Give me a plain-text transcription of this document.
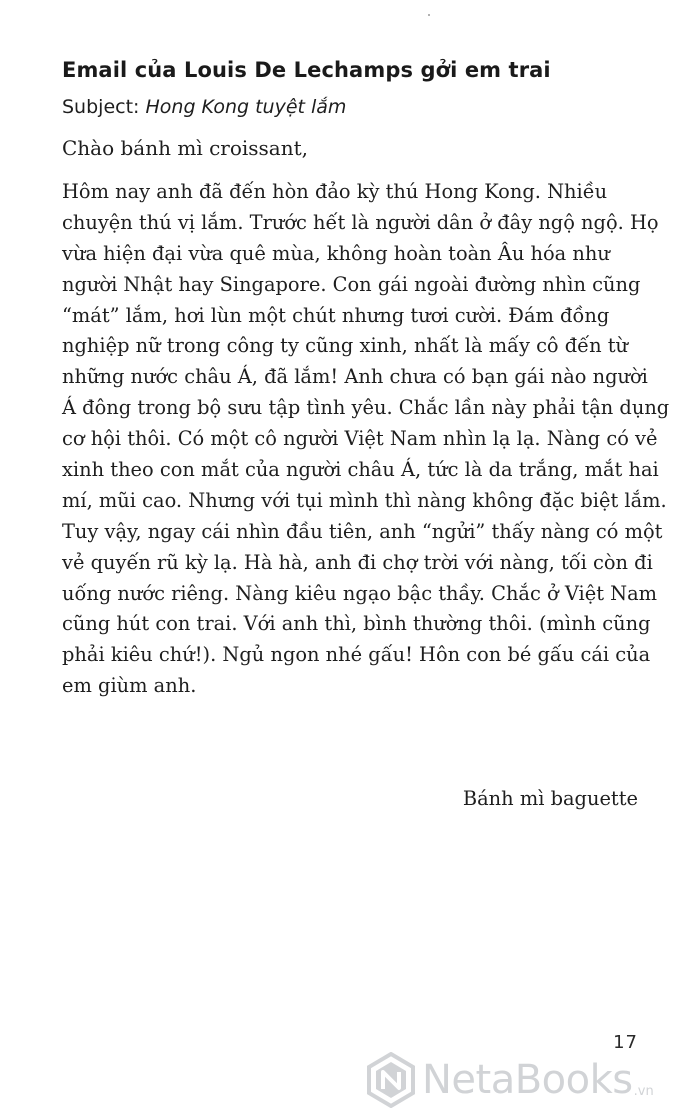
Email của Louis De Lechamps gởi em trai
Subject: Hong Kong tuyệt lắm
Chào bánh mì croissant,
Hôm nay anh đã đến hòn đảo kỳ thú Hong Kong. Nhiều
chuyện thú vị lắm. Trước hết là người dân ở đây ngộ ngộ. Họ
vừa hiện đại vừa quê mùa, không hoàn toàn Âu hóa như
người Nhật hay Singapore. Con gái ngoài đường nhìn cũng
“mát” lắm, hơi lùn một chút nhưng tươi cười. Đám đồng
nghiệp nữ trong công ty cũng xinh, nhất là mấy cô đến từ
những nước châu Á, đã lắm! Anh chưa có bạn gái nào người
Á đông trong bộ sưu tập tình yêu. Chắc lần này phải tận dụng
cơ hội thôi. Có một cô người Việt Nam nhìn lạ lạ. Nàng có vẻ
xinh theo con mắt của người châu Á, tức là da trắng, mắt hai
mí, mũi cao. Nhưng với tụi mình thì nàng không đặc biệt lắm.
Tuy vậy, ngay cái nhìn đầu tiên, anh “ngửi” thấy nàng có một
vẻ quyến rũ kỳ lạ. Hà hà, anh đi chợ trời với nàng, tối còn đi
uống nước riêng. Nàng kiêu ngạo bậc thầy. Chắc ở Việt Nam
cũng hút con trai. Với anh thì, bình thường thôi. (mình cũng
phải kiêu chứ!). Ngủ ngon nhé gấu! Hôn con bé gấu cái của
em giùm anh.
Bánh mì baguette
17
NetaBooks .vn
